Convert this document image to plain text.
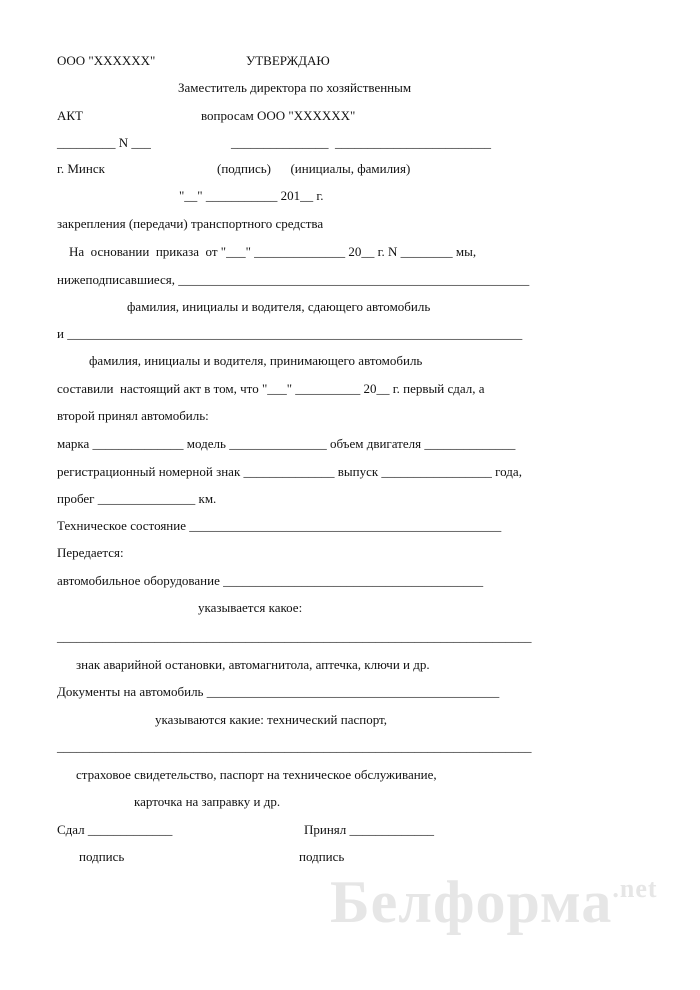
ООО "XXXXXX"	УТВЕРЖДАЮ
Заместитель директора по хозяйственным
АКТ	вопросам ООО "XXXXXX"
_________ N ___	_______________  ________________________
г. Минск	(подпись)      (инициалы, фамилия)
"__" ___________ 201__ г.
закрепления (передачи) транспортного средства
На  основании  приказа  от "___" ______________ 20__ г. N ________ мы,
нижеподписавшиеся, ______________________________________________________
фамилия, инициалы и водителя, сдающего автомобиль
и ______________________________________________________________________
фамилия, инициалы и водителя, принимающего автомобиль
составили  настоящий акт в том, что "___" __________ 20__ г. первый сдал, а
второй принял автомобиль:
марка ______________ модель _______________ объем двигателя ______________
регистрационный номерной знак ______________ выпуск _________________ года,
пробег _______________ км.
Техническое состояние ________________________________________________
Передается:
автомобильное оборудование ________________________________________
указывается какое:
_________________________________________________________________________
знак аварийной остановки, автомагнитола, аптечка, ключи и др.
Документы на автомобиль _____________________________________________
указываются какие: технический паспорт,
_________________________________________________________________________
страховое свидетельство, паспорт на техническое обслуживание,
карточка на заправку и др.
Сдал _____________	Принял _____________
подпись	подпись
Белформа$^{.net}$
